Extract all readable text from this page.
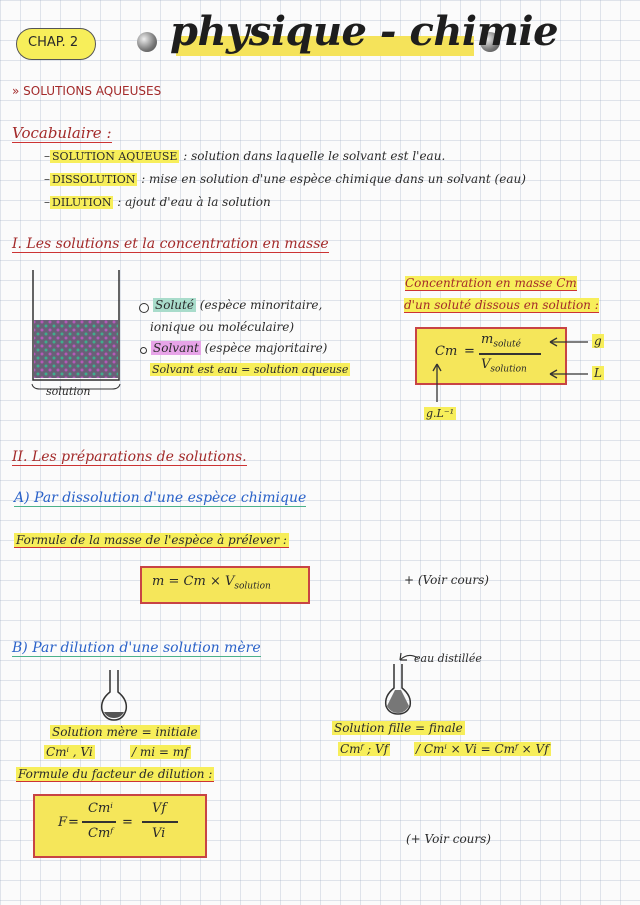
CHAP. 2 physique - chimie
» SOLUTIONS AQUEUSES
Vocabulaire :
– SOLUTION AQUEUSE : solution dans laquelle le solvant est l'eau.
– DISSOLUTION : mise en solution d'une espèce chimique dans un solvant (eau)
– DILUTION : ajout d'eau à la solution
I. Les solutions et la concentration en masse
solution
Soluté (espèce minoritaire,
ionique ou moléculaire)
Solvant (espèce majoritaire)
Solvant est eau = solution aqueuse
Concentration en masse Cm
d'un soluté dissous en solution :
Cm =
$m_{soluté}$
$V_{solution}$
g
L
g.L⁻¹
II. Les préparations de solutions.
A) Par dissolution d'une espèce chimique
Formule de la masse de l'espèce à prélever :
$m = Cm \times V_{solution}$	+ (Voir cours)
B) Par dilution d'une solution mère
eau distillée
Solution mère = initiale
Cmⁱ , Vi	/ mi = mf
Solution fille = finale
Cmᶠ ; Vf / Cmⁱ × Vi = Cmᶠ × Vf
Formule du facteur de dilution :
F =
Cmⁱ
Cmᶠ
=
Vf
Vi	(+ Voir cours)
